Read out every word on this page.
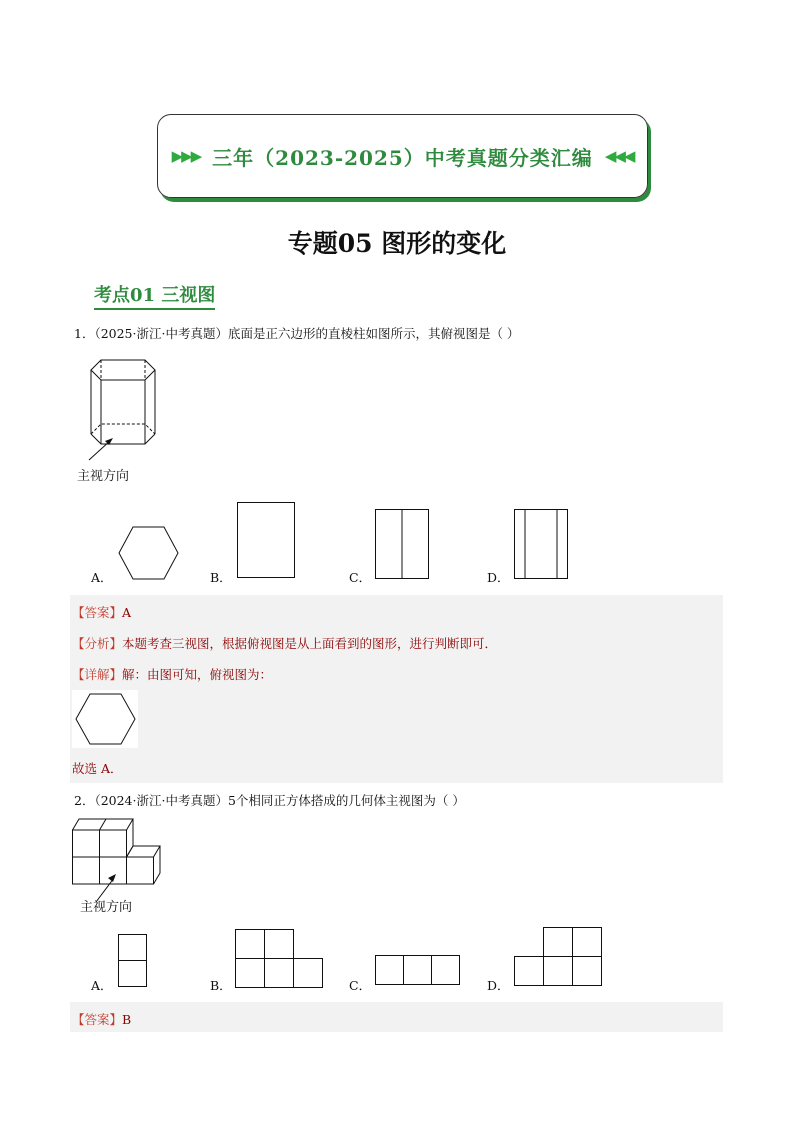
▶▶▶ 三年（2023-2025）中考真题分类汇编 ◀◀◀
专题05 图形的变化
考点01 三视图
1．（2025·浙江·中考真题）底面是正六边形的直棱柱如图所示，其俯视图是（ ）
主视方向
A．	B．	C．	D．
【答案】A
【分析】本题考查三视图，根据俯视图是从上面看到的图形，进行判断即可．
【详解】解：由图可知，俯视图为：
故选 A．
2．（2024·浙江·中考真题）5个相同正方体搭成的几何体主视图为（ ）
主视方向
A．	B．	C．	D．
【答案】B
